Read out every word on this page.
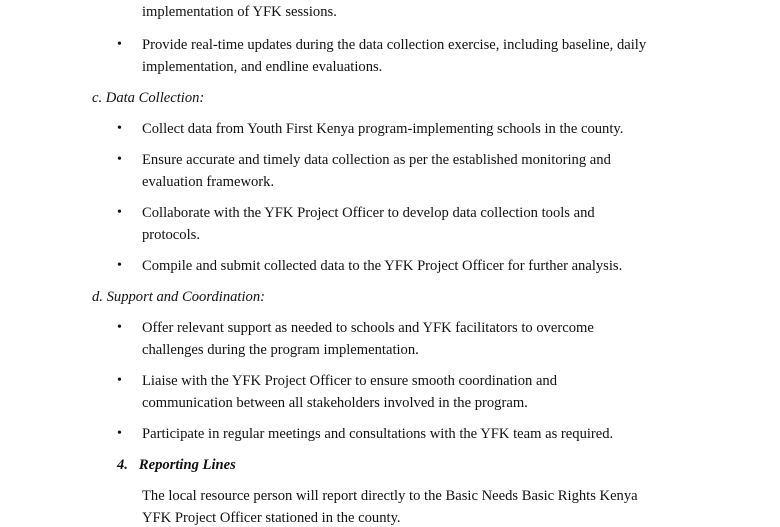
implementation of YFK sessions.
• Provide real-time updates during the data collection exercise, including baseline, daily
implementation, and endline evaluations.
c. Data Collection:
• Collect data from Youth First Kenya program-implementing schools in the county.
• Ensure accurate and timely data collection as per the established monitoring and
evaluation framework.
• Collaborate with the YFK Project Officer to develop data collection tools and
protocols.
• Compile and submit collected data to the YFK Project Officer for further analysis.
d. Support and Coordination:
• Offer relevant support as needed to schools and YFK facilitators to overcome
challenges during the program implementation.
• Liaise with the YFK Project Officer to ensure smooth coordination and
communication between all stakeholders involved in the program.
• Participate in regular meetings and consultations with the YFK team as required.
4.   Reporting Lines
The local resource person will report directly to the Basic Needs Basic Rights Kenya
YFK Project Officer stationed in the county.
